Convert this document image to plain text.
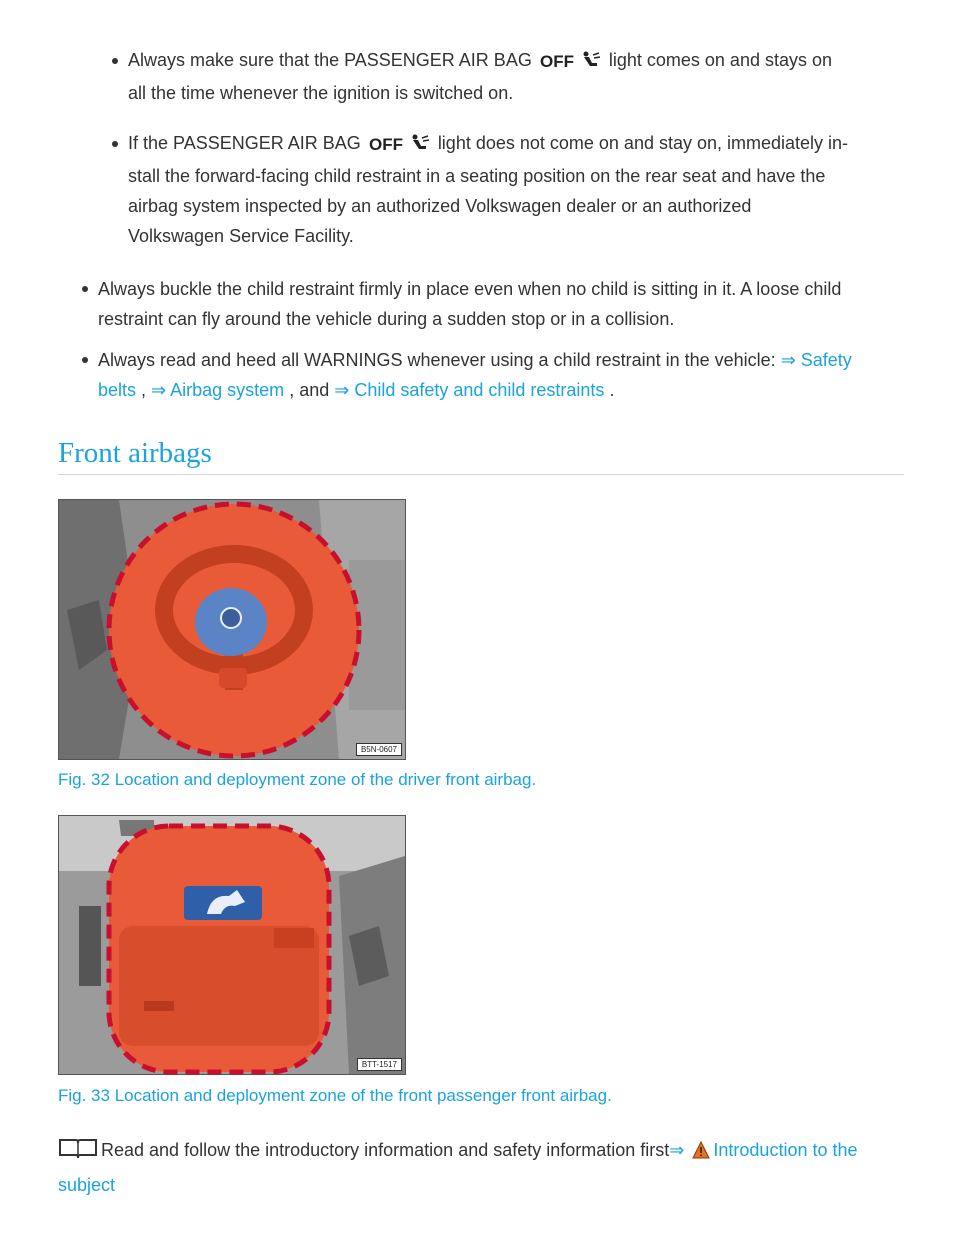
Always make sure that the PASSENGER AIR BAG OFF light comes on and stays on
all the time whenever the ignition is switched on.
If the PASSENGER AIR BAG OFF light does not come on and stay on, immediately in-
stall the forward-facing child restraint in a seating position on the rear seat and have the
airbag system inspected by an authorized Volkswagen dealer or an authorized
Volkswagen Service Facility.
Always buckle the child restraint firmly in place even when no child is sitting in it. A loose child
restraint can fly around the vehicle during a sudden stop or in a collision.
Always read and heed all WARNINGS whenever using a child restraint in the vehicle: ⇒ Safety
belts , ⇒ Airbag system , and ⇒ Child safety and child restraints .
Front airbags
B5N-0607
Fig. 32 Location and deployment zone of the driver front airbag.
BTT-1517
Fig. 33 Location and deployment zone of the front passenger front airbag.
Read and follow the introductory information and safety information first⇒ Introduction to the
subject
